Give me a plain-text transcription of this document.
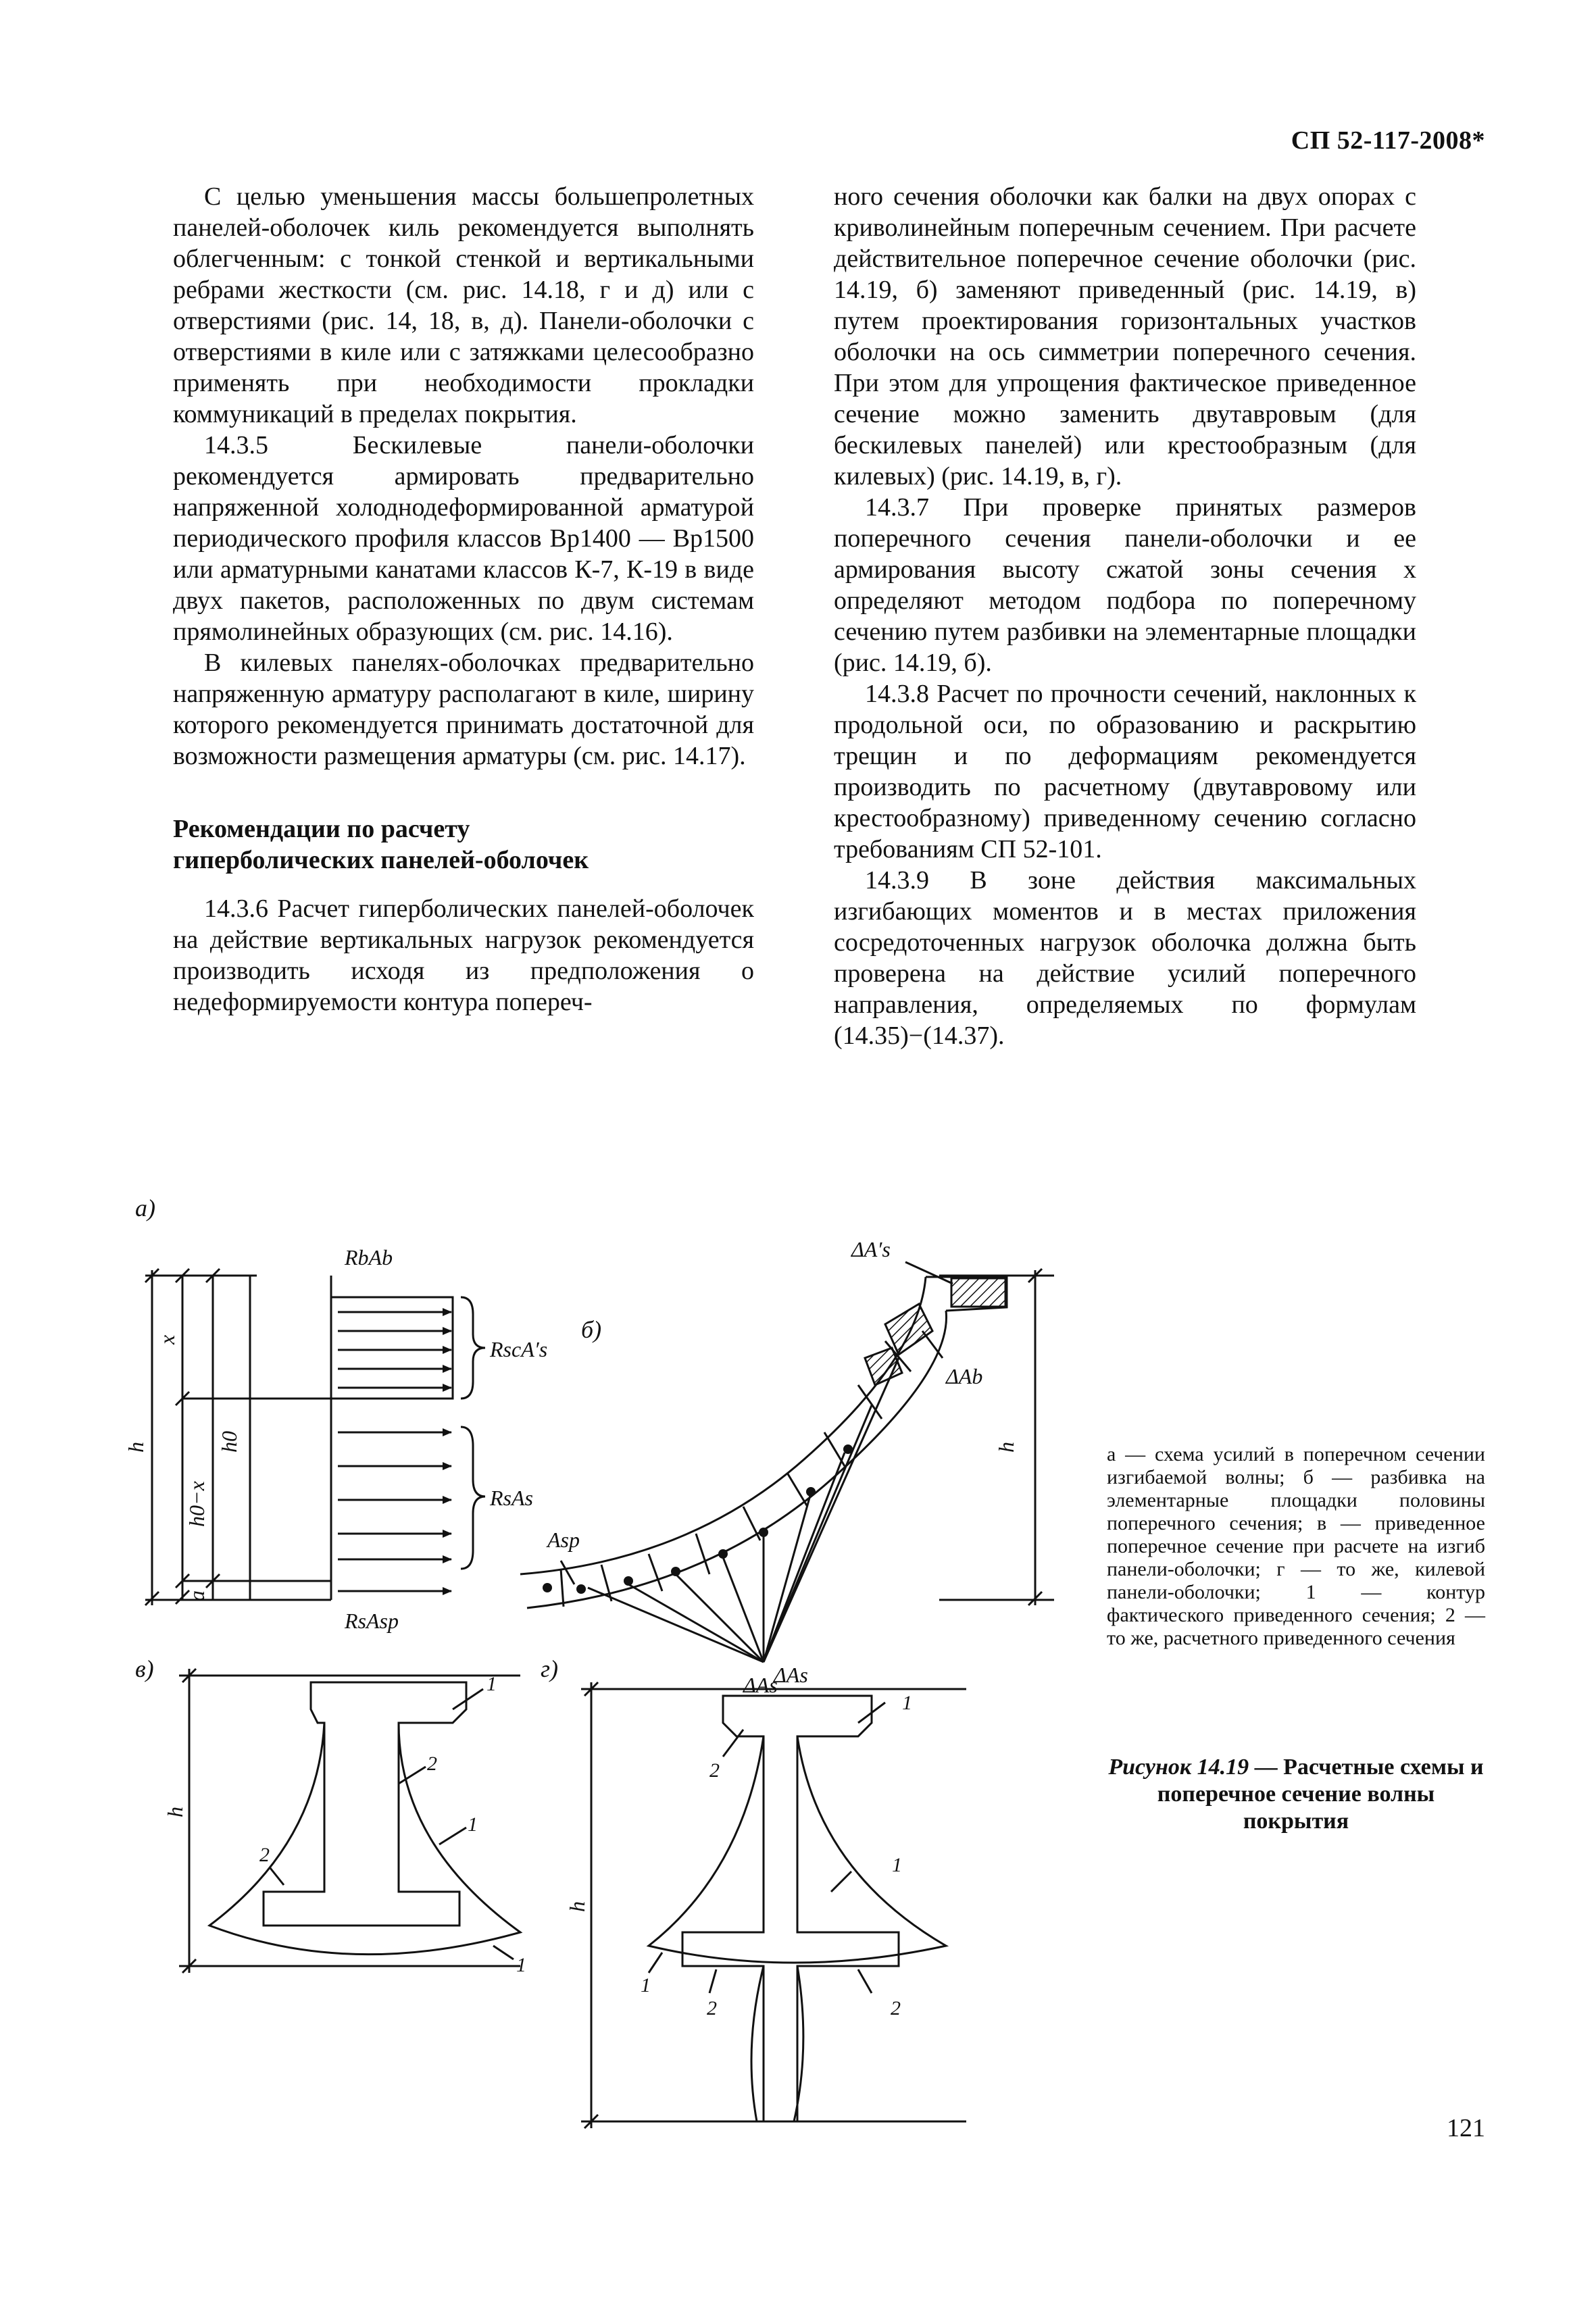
СП 52-117-2008*

С целью уменьшения массы большепролетных панелей-оболочек киль рекомендуется выполнять облегченным: с тонкой стенкой и вертикальными ребрами жесткости (см. рис. 14.18, г и д) или с отверстиями (рис. 14, 18, в, д). Панели-оболочки с отверстиями в киле или с затяжками целесообразно применять при необходимости прокладки коммуникаций в пределах покрытия.

14.3.5 Бескилевые панели-оболочки рекомендуется армировать предварительно напряженной холоднодеформированной арматурой периодического профиля классов Вр1400 — Вр1500 или арматурными канатами классов К-7, К-19 в виде двух пакетов, расположенных по двум системам прямолинейных образующих (см. рис. 14.16).

В килевых панелях-оболочках предварительно напряженную арматуру располагают в киле, ширину которого рекомендуется принимать достаточной для возможности размещения арматуры (см. рис. 14.17).

Рекомендации по расчету
гиперболических панелей-оболочек

14.3.6 Расчет гиперболических панелей-оболочек на действие вертикальных нагрузок рекомендуется производить исходя из предположения о недеформируемости контура попереч-

ного сечения оболочки как балки на двух опорах с криволинейным поперечным сечением. При расчете действительное поперечное сечение оболочки (рис. 14.19, б) заменяют приведенный (рис. 14.19, в) путем проектирования горизонтальных участков оболочки на ось симметрии поперечного сечения. При этом для упрощения фактическое приведенное сечение можно заменить двутавровым (для бескилевых панелей) или крестообразным (для килевых) (рис. 14.19, в, г).

14.3.7 При проверке принятых размеров поперечного сечения панели-оболочки и ее армирования высоту сжатой зоны сечения x определяют методом подбора по поперечному сечению путем разбивки на элементарные площадки (рис. 14.19, б).

14.3.8 Расчет по прочности сечений, наклонных к продольной оси, по образованию и раскрытию трещин и по деформациям рекомендуется производить по расчетному (двутавровому или крестообразному) приведенному сечению согласно требованиям СП 52-101.

14.3.9 В зоне действия максимальных изгибающих моментов и в местах приложения сосредоточенных нагрузок оболочка должна быть проверена на действие усилий поперечного направления, определяемых по формулам (14.35)−(14.37).

а)
RbAb
RscA′s
RsAs
RsAsp
h
x
h0
h0−x
a
б)
ΔA′s
ΔAb
h
Asp
ΔAs
в)
h
1
2
1
2
1
г)
h
ΔAs
1
2
1
1
2	2
а — схема усилий в поперечном сечении изгибаемой волны; б — разбивка на элементарные площадки половины поперечного сечения; в — приведенное поперечное сечение при расчете на изгиб панели-оболочки; г — то же, килевой панели-оболочки; 1 — контур фактического приведенного сечения; 2 — то же, расчетного приведенного сечения
Рисунок 14.19 — Расчетные схемы и поперечное сечение волны покрытия
121
